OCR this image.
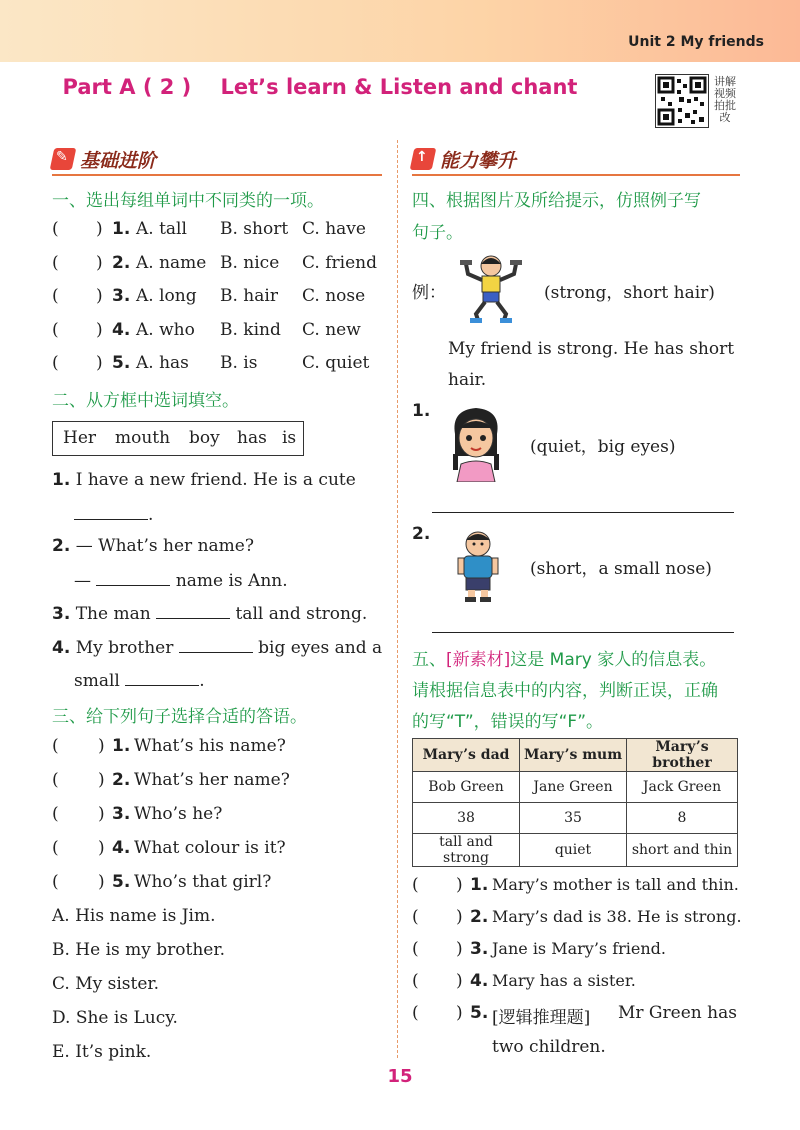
Unit 2 My friends
Part A ( 2 )    Let’s learn & Listen and chant	讲解视频 拍批改
✎ 基础进阶
一、选出每组单词中不同类的一项。
( ) 1. A. tall B. short C. have
( ) 2. A. name B. nice C. friend
( ) 3. A. long B. hair C. nose
( ) 4. A. who B. kind C. new
( ) 5. A. has B. is	C. quiet
二、从方框中选词填空。
Her mouth boy has is
1. I have a new friend. He is a cute
.
2. — What’s her name?
—	name is Ann.
3. The man	tall and strong.
4. My brother	big eyes and a
small	.
三、给下列句子选择合适的答语。
( ) 1. What’s his name?
( ) 2. What’s her name?
( ) 3. Who’s he?
( ) 4. What colour is it?
( ) 5. Who’s that girl?
A. His name is Jim.
B. He is my brother.
C. My sister.
D. She is Lucy.
E. It’s pink.
↑ 能力攀升
四、根据图片及所给提示，仿照例子写
句子。
例：	(strong，short hair)
My friend is strong. He has short
hair.
1.
(quiet，big eyes)
2.
(short，a small nose)
五、[新素材]这是 Mary 家人的信息表。
请根据信息表中的内容，判断正误，正确
的写“T”，错误的写“F”。
Mary’s dad	Mary’s mum	Mary’s brother
Bob Green	Jane Green	Jack Green
38	35	8
tall and strong	quiet	short and thin
( ) 1. Mary’s mother is tall and thin.
( ) 2. Mary’s dad is 38. He is strong.
( ) 3. Jane is Mary’s friend.
( ) 4. Mary has a sister.
( ) 5. [逻辑推理题] Mr Green has
two children.
15
